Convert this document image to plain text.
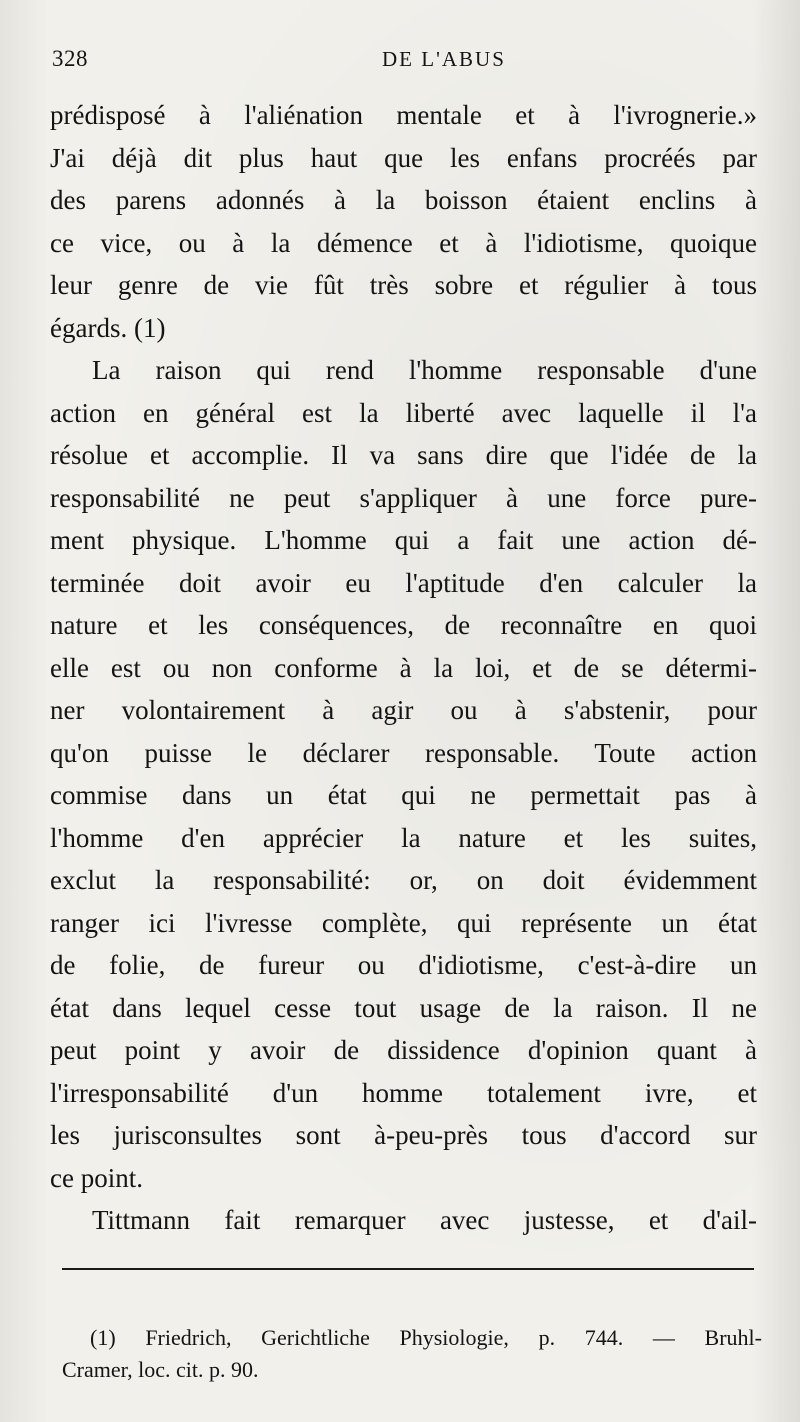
328	DE L'ABUS
prédisposé à l'aliénation mentale et à l'ivrognerie.»
J'ai déjà dit plus haut que les enfans procréés par
des parens adonnés à la boisson étaient enclins à
ce vice, ou à la démence et à l'idiotisme, quoique
leur genre de vie fût très sobre et régulier à tous
égards. (1)
La raison qui rend l'homme responsable d'une
action en général est la liberté avec laquelle il l'a
résolue et accomplie. Il va sans dire que l'idée de la
responsabilité ne peut s'appliquer à une force pure-
ment physique. L'homme qui a fait une action dé-
terminée doit avoir eu l'aptitude d'en calculer la
nature et les conséquences, de reconnaître en quoi
elle est ou non conforme à la loi, et de se détermi-
ner volontairement à agir ou à s'abstenir, pour
qu'on puisse le déclarer responsable. Toute action
commise dans un état qui ne permettait pas à
l'homme d'en apprécier la nature et les suites,
exclut la responsabilité: or, on doit évidemment
ranger ici l'ivresse complète, qui représente un état
de folie, de fureur ou d'idiotisme, c'est-à-dire un
état dans lequel cesse tout usage de la raison. Il ne
peut point y avoir de dissidence d'opinion quant à
l'irresponsabilité d'un homme totalement ivre, et
les jurisconsultes sont à-peu-près tous d'accord sur
ce point.
Tittmann fait remarquer avec justesse, et d'ail-
(1) Friedrich, Gerichtliche Physiologie, p. 744. — Bruhl-
Cramer, loc. cit. p. 90.
